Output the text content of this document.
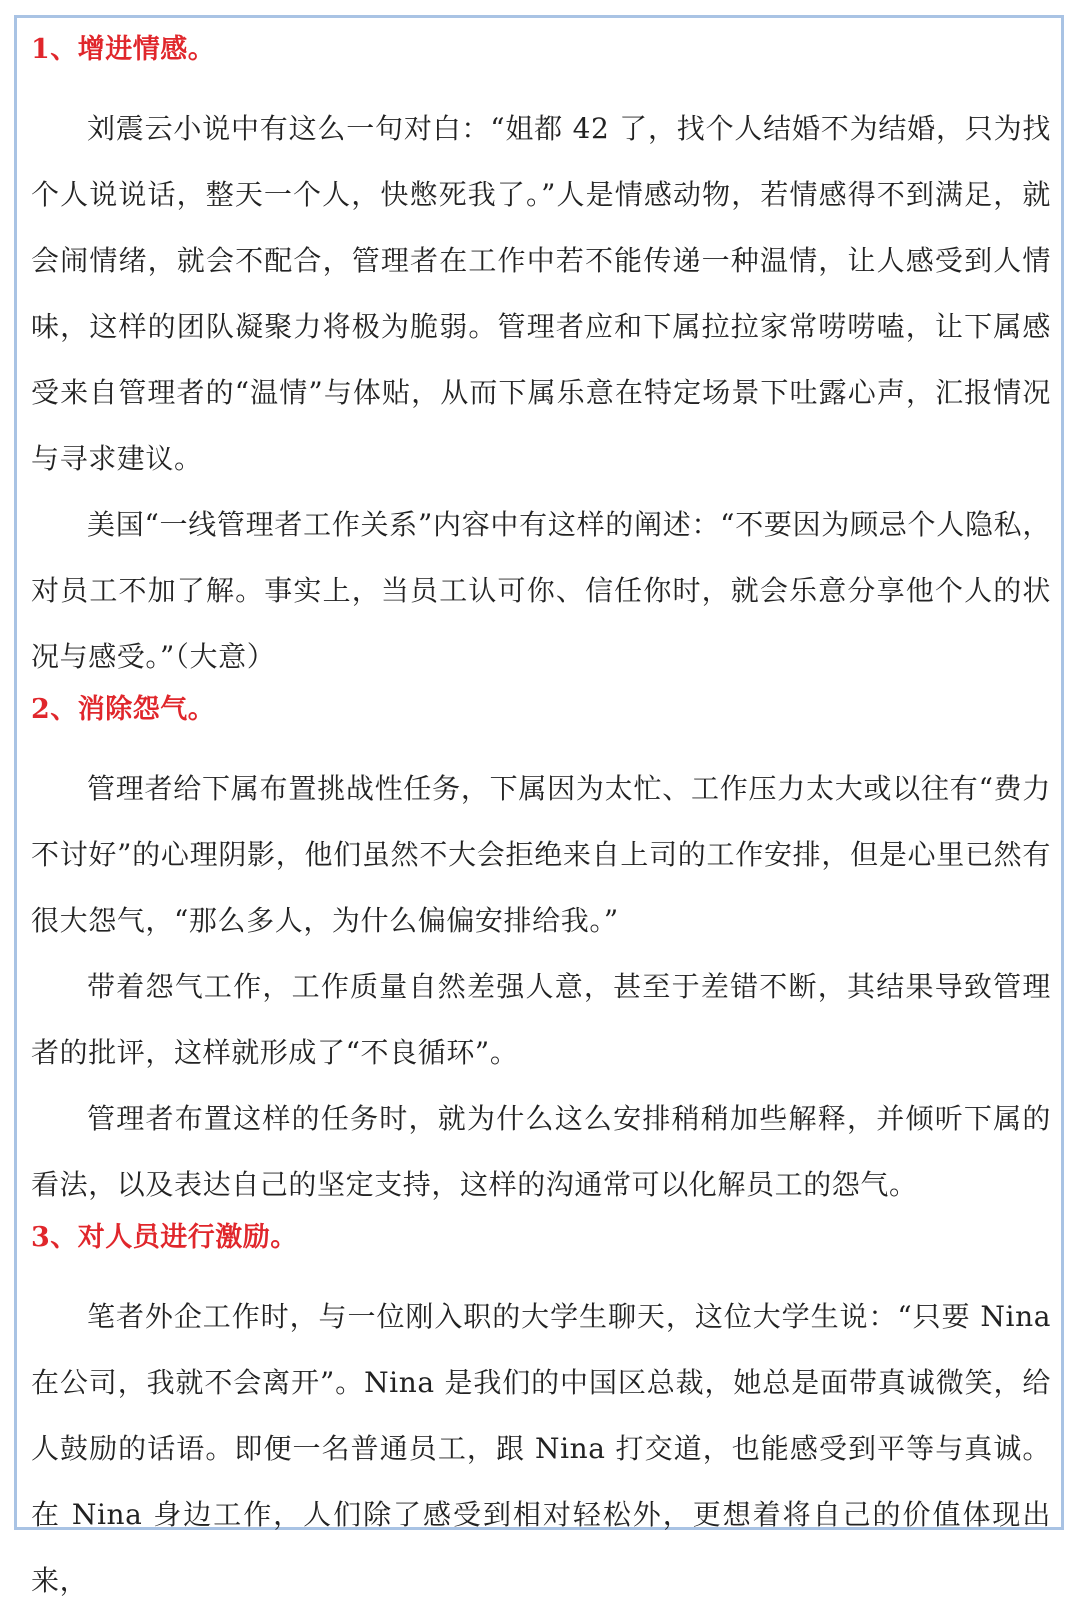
1、增进情感。

刘震云小说中有这么一句对白：“姐都 42 了，找个人结婚不为结婚，只为找个人说说话，整天一个人，快憋死我了。”人是情感动物，若情感得不到满足，就会闹情绪，就会不配合，管理者在工作中若不能传递一种温情，让人感受到人情味，这样的团队凝聚力将极为脆弱。管理者应和下属拉拉家常唠唠嗑，让下属感受来自管理者的“温情”与体贴，从而下属乐意在特定场景下吐露心声，汇报情况与寻求建议。

美国“一线管理者工作关系”内容中有这样的阐述：“不要因为顾忌个人隐私，对员工不加了解。事实上，当员工认可你、信任你时，就会乐意分享他个人的状况与感受。”（大意）

2、消除怨气。

管理者给下属布置挑战性任务，下属因为太忙、工作压力太大或以往有“费力不讨好”的心理阴影，他们虽然不大会拒绝来自上司的工作安排，但是心里已然有很大怨气，“那么多人，为什么偏偏安排给我。”

带着怨气工作，工作质量自然差强人意，甚至于差错不断，其结果导致管理者的批评，这样就形成了“不良循环”。

管理者布置这样的任务时，就为什么这么安排稍稍加些解释，并倾听下属的看法，以及表达自己的坚定支持，这样的沟通常可以化解员工的怨气。

3、对人员进行激励。

笔者外企工作时，与一位刚入职的大学生聊天，这位大学生说：“只要 Nina 在公司，我就不会离开”。Nina 是我们的中国区总裁，她总是面带真诚微笑，给人鼓励的话语。即便一名普通员工，跟 Nina 打交道，也能感受到平等与真诚。在 Nina 身边工作，人们除了感受到相对轻松外，更想着将自己的价值体现出来，
